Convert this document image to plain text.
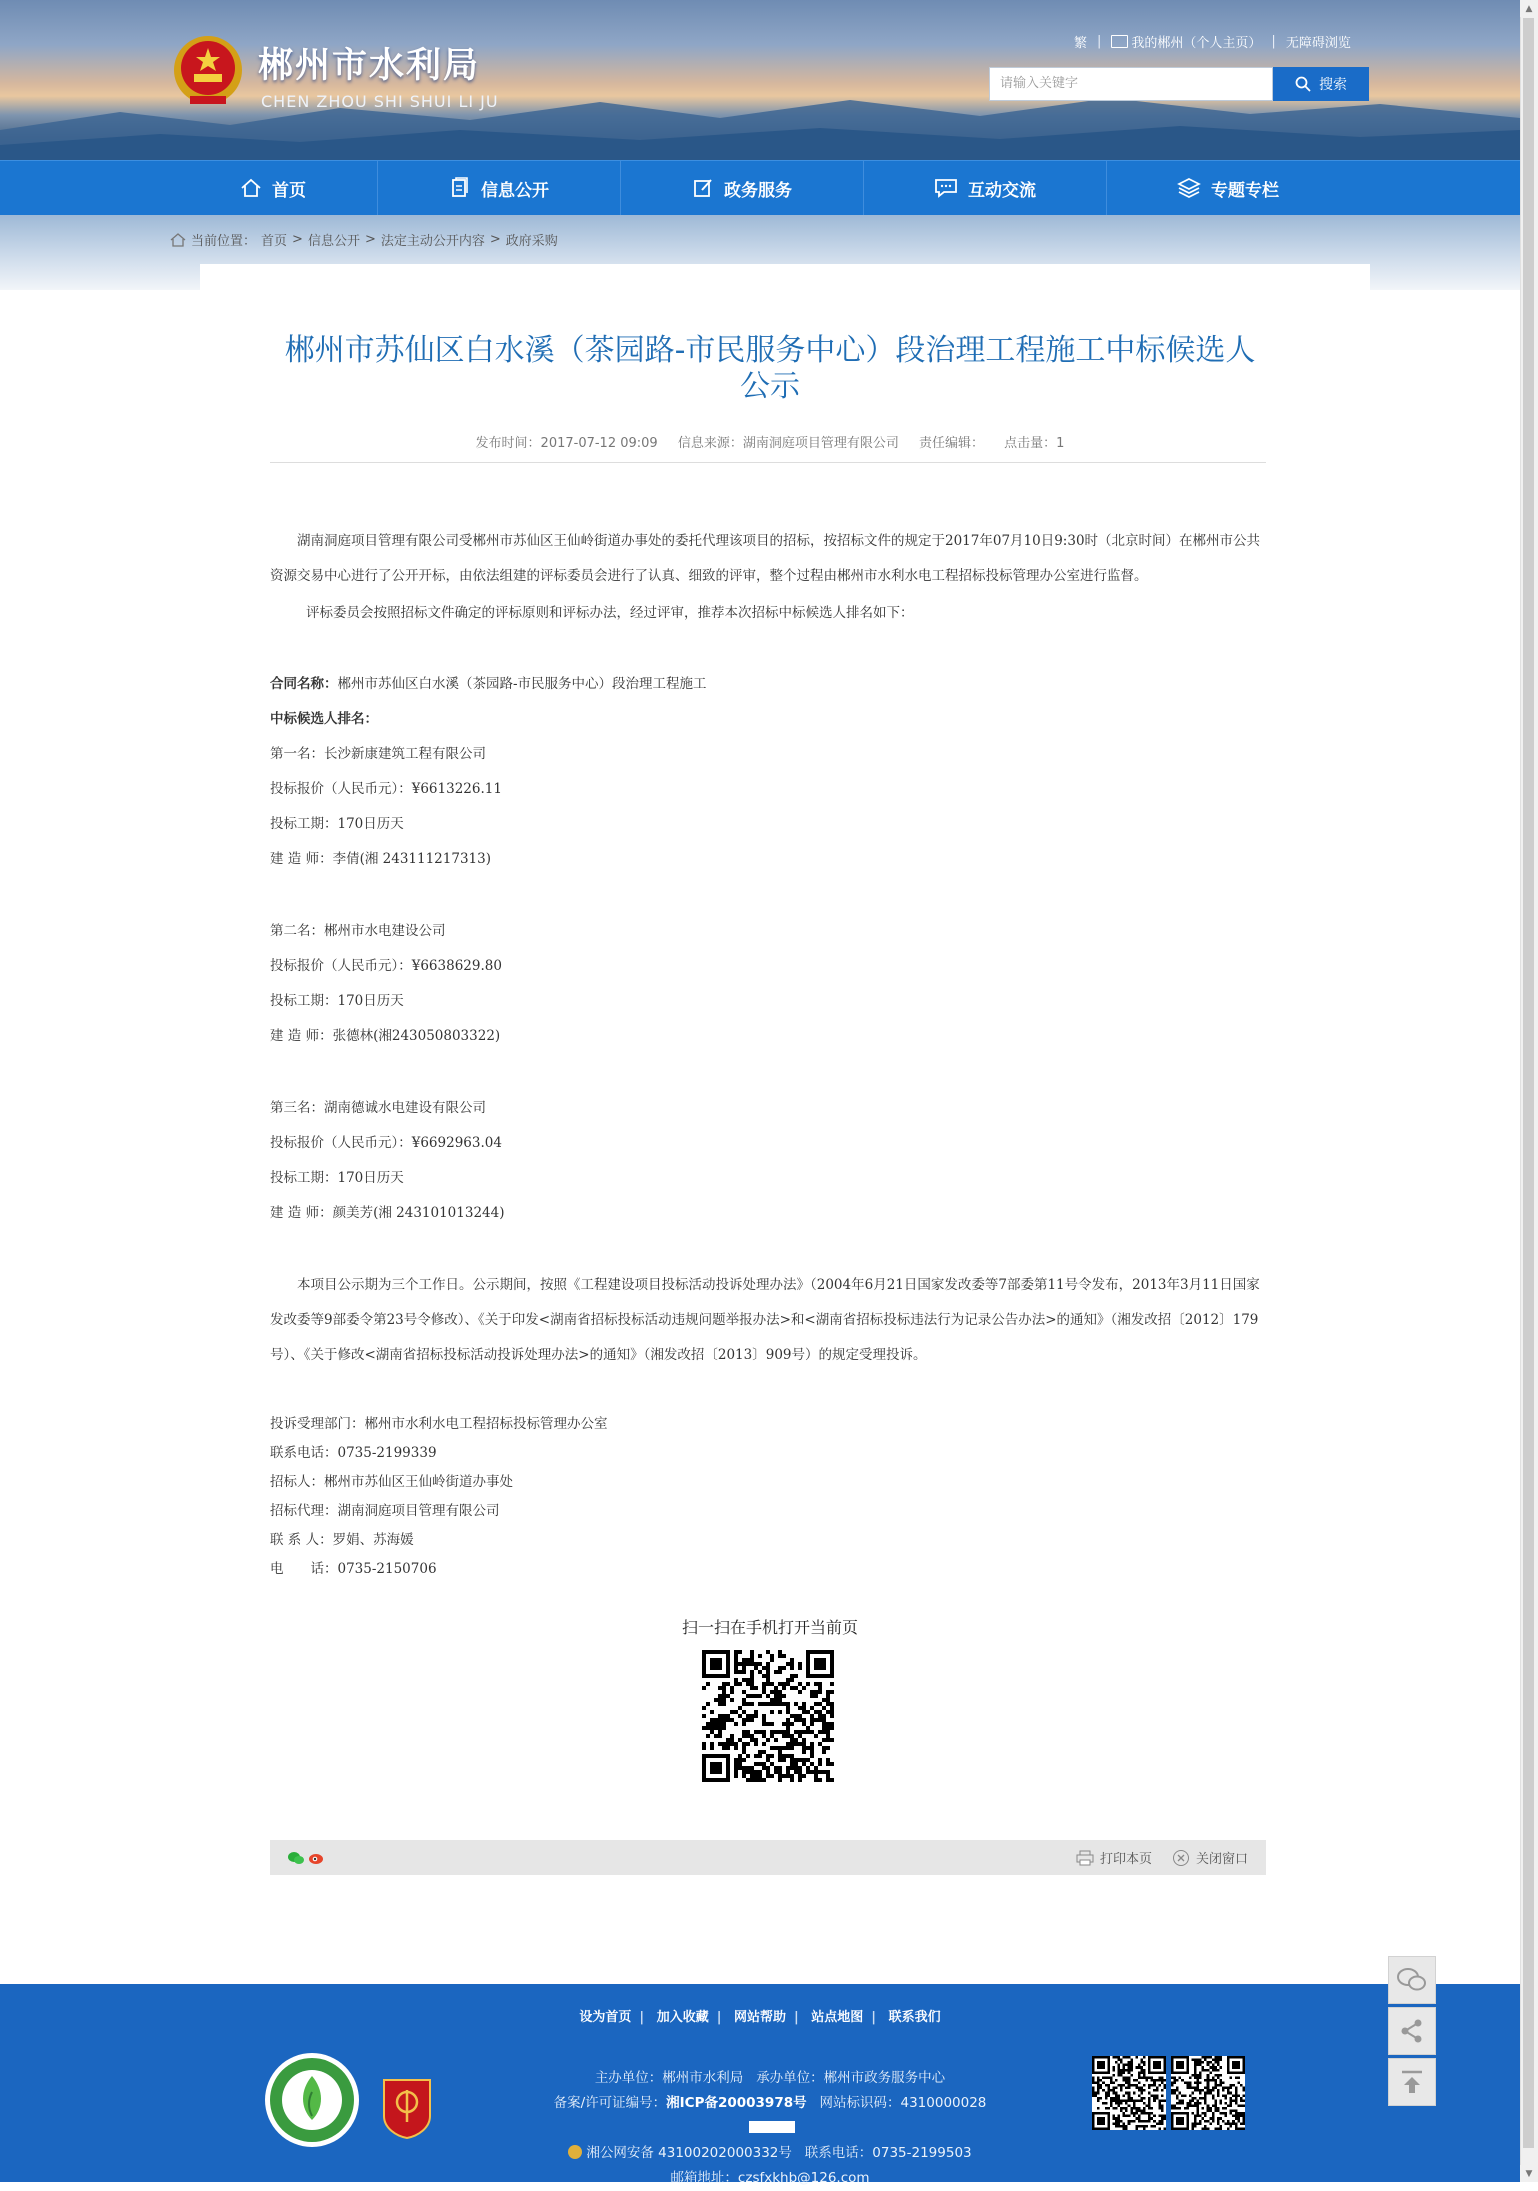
郴州市水利局
CHEN ZHOU SHI SHUI LI JU
繁 |	我的郴州（个人主页） | 无障碍浏览
请输入关键字	搜索
首页	信息公开	政务服务	互动交流	专题专栏
当前位置： 首页 > 信息公开 > 法定主动公开内容 > 政府采购
郴州市苏仙区白水溪（茶园路-市民服务中心）段治理工程施工中标候选人公示
发布时间：2017-07-12 09:09 信息来源：湖南洞庭项目管理有限公司 责任编辑： 点击量：1

湖南洞庭项目管理有限公司受郴州市苏仙区王仙岭街道办事处的委托代理该项目的招标，按招标文件的规定于2017年07月10日9:30时（北京时间）在郴州市公共资源交易中心进行了公开开标，由依法组建的评标委员会进行了认真、细致的评审，整个过程由郴州市水利水电工程招标投标管理办公室进行监督。

评标委员会按照招标文件确定的评标原则和评标办法，经过评审，推荐本次招标中标候选人排名如下：

合同名称：郴州市苏仙区白水溪（茶园路-市民服务中心）段治理工程施工

中标候选人排名：

第一名：长沙新康建筑工程有限公司

投标报价（人民币元）：¥6613226.11

投标工期：170日历天

建 造 师：李倩(湘 243111217313)

第二名：郴州市水电建设公司

投标报价（人民币元）：¥6638629.80

投标工期：170日历天

建 造 师：张德林(湘243050803322)

第三名：湖南德诚水电建设有限公司

投标报价（人民币元）：¥6692963.04

投标工期：170日历天

建 造 师：颜美芳(湘 243101013244)

本项目公示期为三个工作日。公示期间，按照《工程建设项目投标活动投诉处理办法》（2004年6月21日国家发改委等7部委第11号令发布，2013年3月11日国家发改委等9部委令第23号令修改）、《关于印发<湖南省招标投标活动违规问题举报办法>和<湖南省招标投标违法行为记录公告办法>的通知》（湘发改招〔2012〕179号）、《关于修改<湖南省招标投标活动投诉处理办法>的通知》（湘发改招〔2013〕909号）的规定受理投诉。

投诉受理部门：郴州市水利水电工程招标投标管理办公室

联系电话：0735-2199339

招标人：郴州市苏仙区王仙岭街道办事处

招标代理：湖南洞庭项目管理有限公司

联 系 人：罗娟、苏海媛

电　　话：0735-2150706

扫一扫在手机打开当前页
打印本页	关闭窗口
设为首页 | 加入收藏 | 网站帮助 | 站点地图 | 联系我们
主办单位：郴州市水利局 承办单位：郴州市政务服务中心
备案/许可证编号：湘ICP备20003978号 网站标识码：4310000028
湘公网安备 43100202000332号 联系电话：0735-2199503
邮箱地址：czsfxkhb@126.com
▲
▼
